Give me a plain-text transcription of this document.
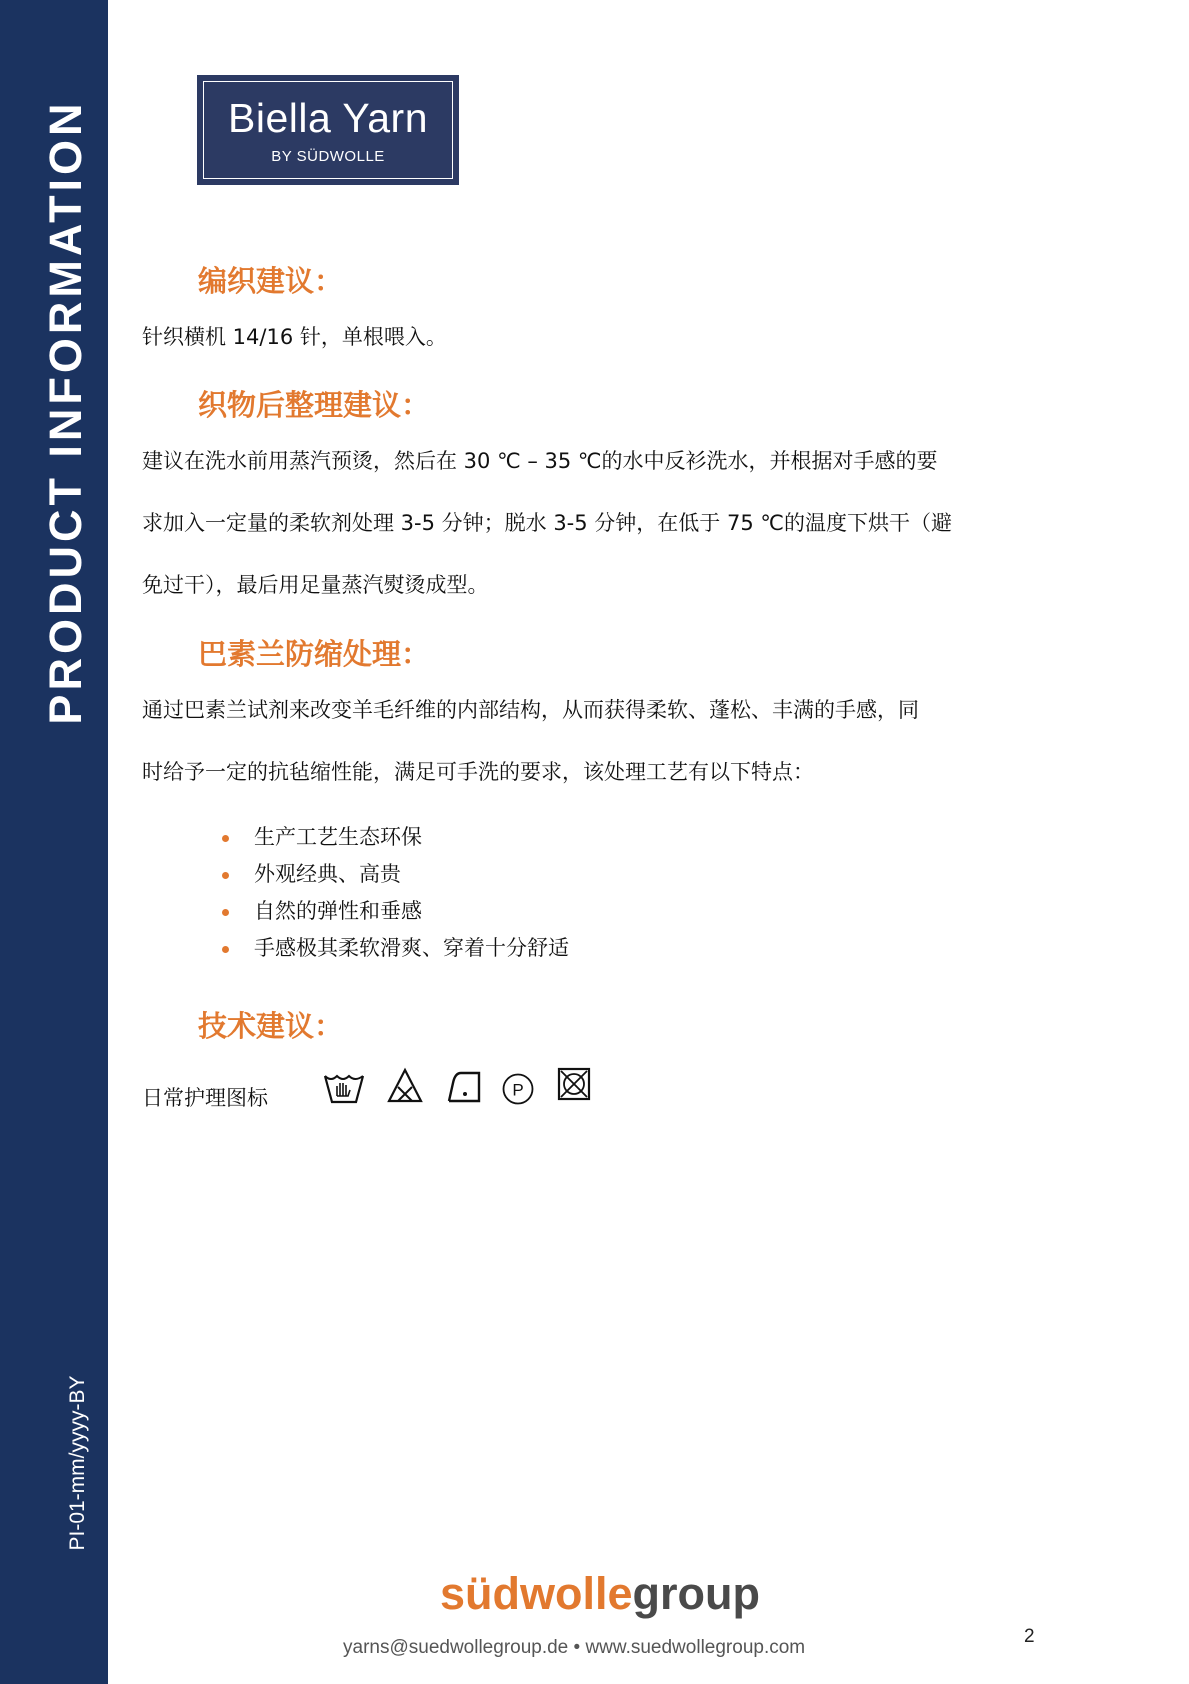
PRODUCT INFORMATION
PI-01-mm/yyyy-BY
Biella Yarn
BY SÜDWOLLE
编织建议：

针织横机 14/16 针，单根喂入。

织物后整理建议：

建议在洗水前用蒸汽预烫，然后在 30 ℃ – 35 ℃的水中反衫洗水，并根据对手感的要

求加入一定量的柔软剂处理 3-5 分钟；脱水 3-5 分钟，在低于 75 ℃的温度下烘干（避

免过干），最后用足量蒸汽熨烫成型。

巴素兰防缩处理：

通过巴素兰试剂来改变羊毛纤维的内部结构，从而获得柔软、蓬松、丰满的手感，同

时给予一定的抗毡缩性能，满足可手洗的要求，该处理工艺有以下特点：

生产工艺生态环保
外观经典、高贵
自然的弹性和垂感
手感极其柔软滑爽、穿着十分舒适
技术建议：
日常护理图标	P
südwollegroup
yarns@suedwollegroup.de • www.suedwollegroup.com
2
